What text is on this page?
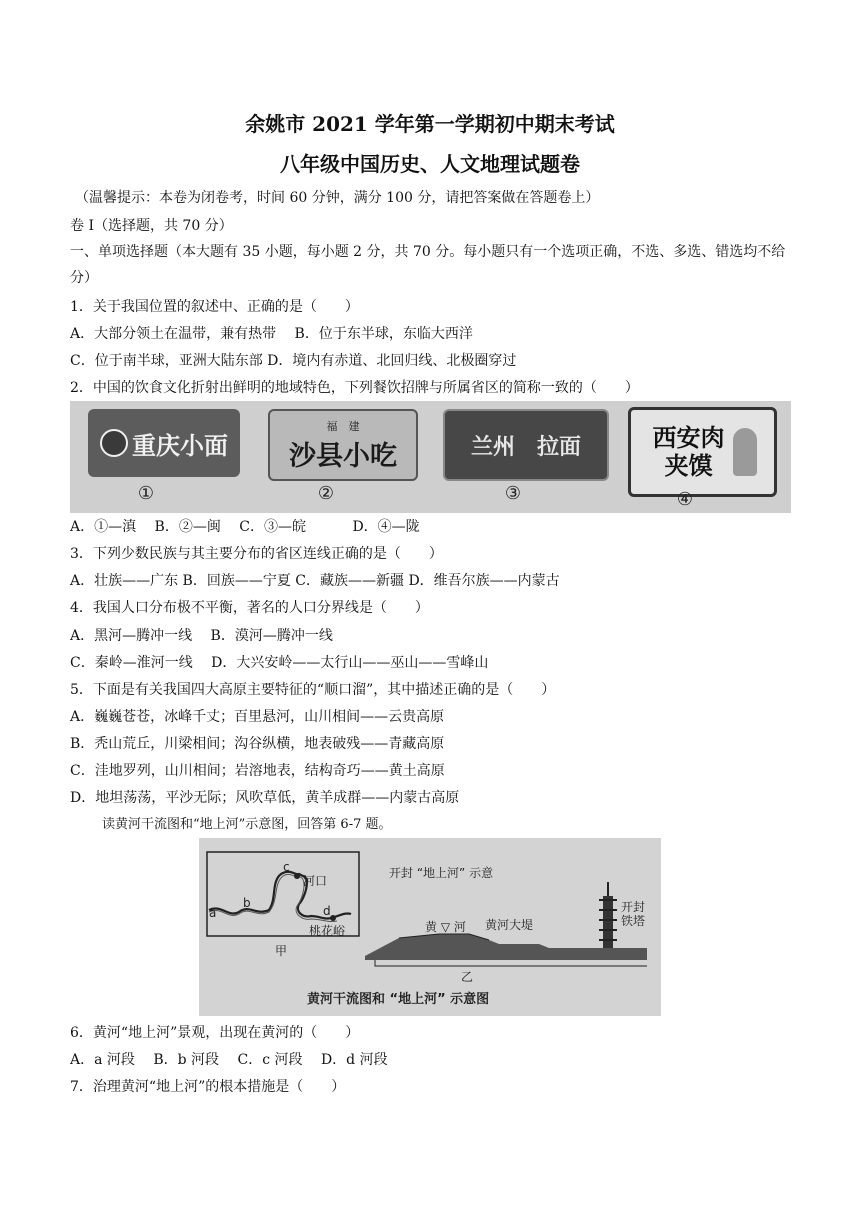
余姚市 2021 学年第一学期初中期末考试
八年级中国历史、人文地理试题卷
（温馨提示：本卷为闭卷考，时间 60 分钟，满分 100 分，请把答案做在答题卷上）
卷 Ⅰ（选择题，共 70 分）
一、单项选择题（本大题有 35 小题，每小题 2 分，共 70 分。每小题只有一个选项正确，不选、多选、错选均不给分）
1．关于我国位置的叙述中、正确的是（　　）
A．大部分领土在温带，兼有热带　 B．位于东半球，东临大西洋
C．位于南半球，亚洲大陆东部 D．境内有赤道、北回归线、北极圈穿过
2．中国的饮食文化折射出鲜明的地域特色，下列餐饮招牌与所属省区的简称一致的（　　）
重庆小面
福　建
沙县小吃	兰州　拉面	西安肉夹馍
①	②	③	④
A．①—滇　 B．②—闽　 C．③—皖　　　 D．④—陇
3．下列少数民族与其主要分布的省区连线正确的是（　　）
A．壮族——广东 B．回族——宁夏 C．藏族——新疆 D．维吾尔族——内蒙古
4．我国人口分布极不平衡，著名的人口分界线是（　　）
A．黑河—腾冲一线　 B．漠河—腾冲一线
C．秦岭—淮河一线　 D．大兴安岭——太行山——巫山——雪峰山
5．下面是有关我国四大高原主要特征的“顺口溜”，其中描述正确的是（　　）
A．巍巍苍苍，冰峰千丈；百里悬河，山川相间——云贵高原
B．秃山荒丘，川梁相间；沟谷纵横，地表破残——青藏高原
C．洼地罗列，山川相间；岩溶地表，结构奇巧——黄土高原
D．地坦荡荡，平沙无际；风吹草低，黄羊成群——内蒙古高原
读黄河干流图和“地上河”示意图，回答第 6-7 题。
a
b
c
d
河口
桃花峪
甲
开封 “地上河” 示意
黄 ▽ 河 黄河大堤
开封铁塔
乙
黄河干流图和 “地上河” 示意图
6．黄河“地上河”景观，出现在黄河的（　　）
A．a 河段　 B．b 河段　 C．c 河段　 D．d 河段
7．治理黄河“地上河”的根本措施是（　　）
